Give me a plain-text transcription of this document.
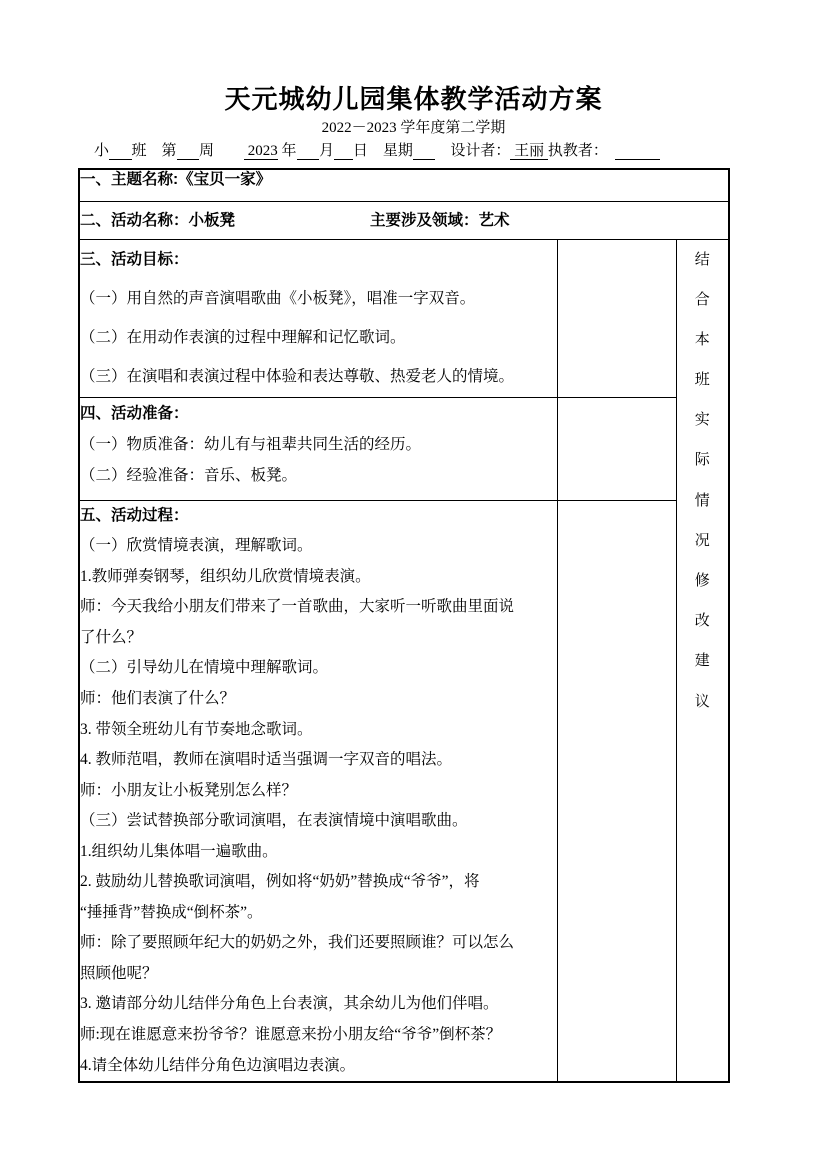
天元城幼儿园集体教学活动方案
2022－2023 学年度第二学期
小 班　第 周　　 2023 年 月 日　星期      　设计者： 王丽 执教者：　
一、主题名称:《宝贝一家》		
二、活动名称：小板凳 主要涉及领域：艺术		

三、活动目标：
（一）用自然的声音演唱歌曲《小板凳》，唱准一字双音。
（二）在用动作表演的过程中理解和记忆歌词。
（三）在演唱和表演过程中体验和表达尊敬、热爱老人的情境。

结
合
本
班
实
际
情
况
修
改
建
议

四、活动准备：
（一）物质准备：幼儿有与祖辈共同生活的经历。
（二）经验准备：音乐、板凳。		

五、活动过程：
（一）欣赏情境表演，理解歌词。
1.教师弹奏钢琴，组织幼儿欣赏情境表演。
师：今天我给小朋友们带来了一首歌曲，大家听一听歌曲里面说
了什么？
（二）引导幼儿在情境中理解歌词。
师：他们表演了什么？
3. 带领全班幼儿有节奏地念歌词。
4. 教师范唱，教师在演唱时适当强调一字双音的唱法。
师：小朋友让小板凳别怎么样？
（三）尝试替换部分歌词演唱，在表演情境中演唱歌曲。
1.组织幼儿集体唱一遍歌曲。
2. 鼓励幼儿替换歌词演唱，例如将“奶奶”替换成“爷爷”，将
“捶捶背”替换成“倒杯茶”。
师：除了要照顾年纪大的奶奶之外，我们还要照顾谁？可以怎么
照顾他呢？
3. 邀请部分幼儿结伴分角色上台表演，其余幼儿为他们伴唱。
师:现在谁愿意来扮爷爷？谁愿意来扮小朋友给“爷爷”倒杯茶？
4.请全体幼儿结伴分角色边演唱边表演。
